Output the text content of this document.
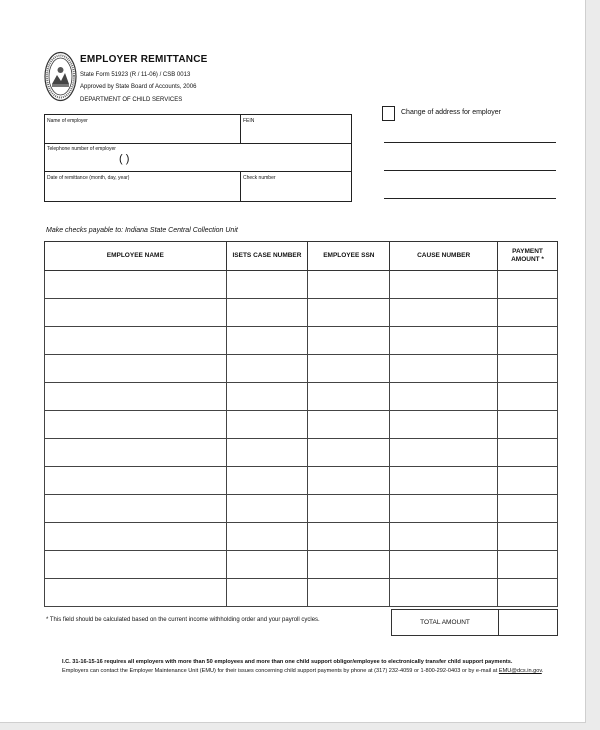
EMPLOYER REMITTANCE
State Form 51923 (R / 11-06) / CSB 0013
Approved by State Board of Accounts, 2006
DEPARTMENT OF CHILD SERVICES
Name of employer	FEIN
Telephone number of employer
( )
Date of remittance (month, day, year)	Check number
Change of address for employer
Make checks payable to: Indiana State Central Collection Unit
EMPLOYEE NAME	ISETS CASE NUMBER	EMPLOYEE SSN	CAUSE NUMBER	PAYMENT AMOUNT *

* This field should be calculated based on the current income withholding order and your payroll cycles.	TOTAL AMOUNT
I.C. 31-16-15-16 requires all employers with more than 50 employees and more than one child support obligor/employee to electronically transfer child support payments.
Employers can contact the Employer Maintenance Unit (EMU) for their issues concerning child support payments by phone at (317) 232-4059 or 1-800-292-0403 or by e-mail at EMU@dcs.in.gov.
